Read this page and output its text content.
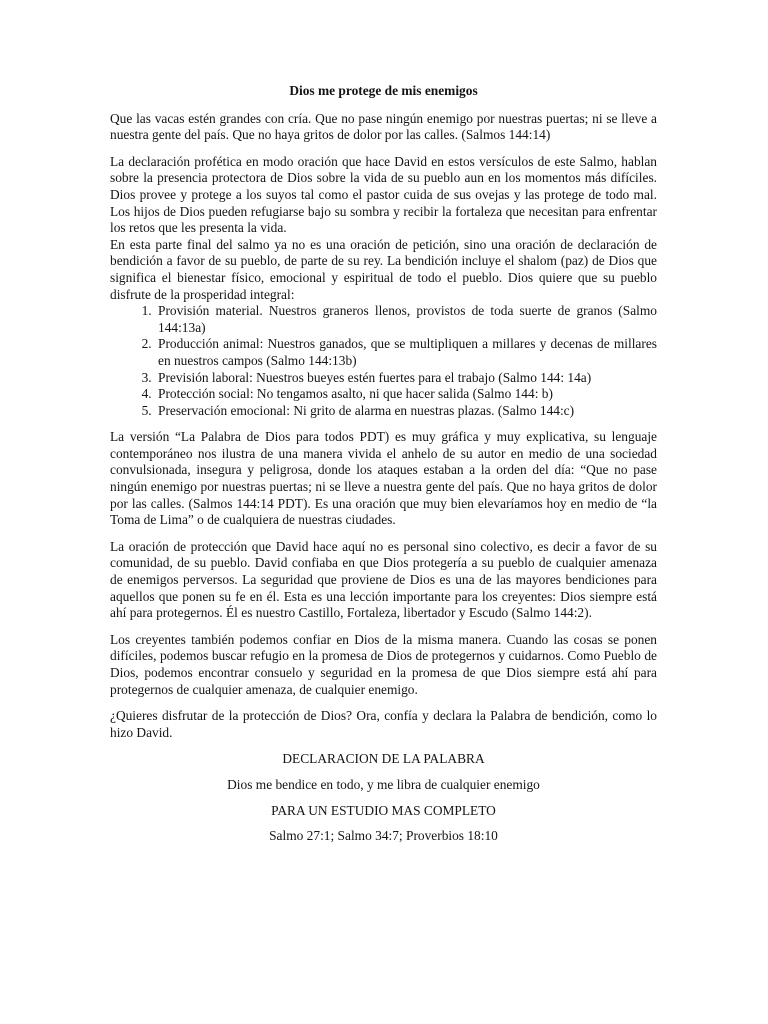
Dios me protege de mis enemigos

Que las vacas estén grandes con cría. Que no pase ningún enemigo por nuestras puertas; ni se lleve a nuestra gente del país. Que no haya gritos de dolor por las calles. (Salmos 144:14)

La declaración profética en modo oración que hace David en estos versículos de este Salmo, hablan sobre la presencia protectora de Dios sobre la vida de su pueblo aun en los momentos más difíciles. Dios provee y protege a los suyos tal como el pastor cuida de sus ovejas y las protege de todo mal. Los hijos de Dios pueden refugiarse bajo su sombra y recibir la fortaleza que necesitan para enfrentar los retos que les presenta la vida.

En esta parte final del salmo ya no es una oración de petición, sino una oración de declaración de bendición a favor de su pueblo, de parte de su rey. La bendición incluye el shalom (paz) de Dios que significa el bienestar físico, emocional y espiritual de todo el pueblo. Dios quiere que su pueblo disfrute de la prosperidad integral:

1. Provisión material. Nuestros graneros llenos, provistos de toda suerte de granos (Salmo 144:13a)
2. Producción animal: Nuestros ganados, que se multipliquen a millares y decenas de millares en nuestros campos (Salmo 144:13b)
3. Previsión laboral: Nuestros bueyes estén fuertes para el trabajo (Salmo 144: 14a)
4. Protección social: No tengamos asalto, ni que hacer salida (Salmo 144: b)
5. Preservación emocional: Ni grito de alarma en nuestras plazas. (Salmo 144:c)

La versión “La Palabra de Dios para todos PDT) es muy gráfica y muy explicativa, su lenguaje contemporáneo nos ilustra de una manera vivida el anhelo de su autor en medio de una sociedad convulsionada, insegura y peligrosa, donde los ataques estaban a la orden del día: “Que no pase ningún enemigo por nuestras puertas; ni se lleve a nuestra gente del país. Que no haya gritos de dolor por las calles. (Salmos 144:14 PDT). Es una oración que muy bien elevaríamos hoy en medio de “la Toma de Lima” o de cualquiera de nuestras ciudades.

La oración de protección que David hace aquí no es personal sino colectivo, es decir a favor de su comunidad, de su pueblo. David confiaba en que Dios protegería a su pueblo de cualquier amenaza de enemigos perversos. La seguridad que proviene de Dios es una de las mayores bendiciones para aquellos que ponen su fe en él. Esta es una lección importante para los creyentes: Dios siempre está ahí para protegernos. Él es nuestro Castillo, Fortaleza, libertador y Escudo (Salmo 144:2).

Los creyentes también podemos confiar en Dios de la misma manera. Cuando las cosas se ponen difíciles, podemos buscar refugio en la promesa de Dios de protegernos y cuidarnos. Como Pueblo de Dios, podemos encontrar consuelo y seguridad en la promesa de que Dios siempre está ahí para protegernos de cualquier amenaza, de cualquier enemigo.

¿Quieres disfrutar de la protección de Dios? Ora, confía y declara la Palabra de bendición, como lo hizo David.

DECLARACION DE LA PALABRA
Dios me bendice en todo, y me libra de cualquier enemigo
PARA UN ESTUDIO MAS COMPLETO
Salmo 27:1; Salmo 34:7; Proverbios 18:10
